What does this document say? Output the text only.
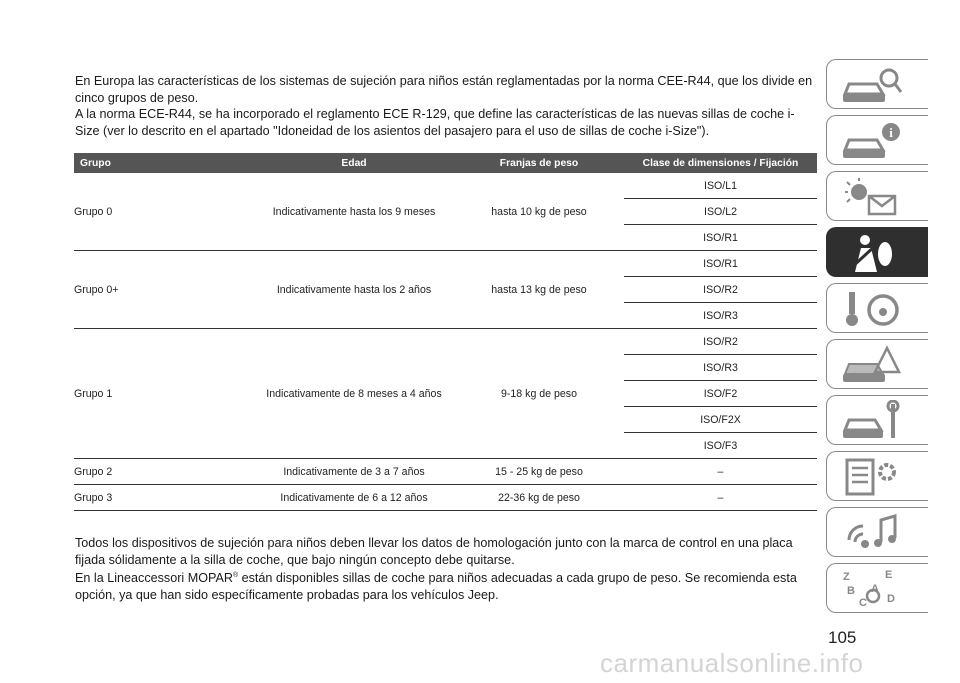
En Europa las características de los sistemas de sujeción para niños están reglamentadas por la norma CEE-R44, que los divide en cinco grupos de peso.

A la norma ECE-R44, se ha incorporado el reglamento ECE R-129, que define las características de las nuevas sillas de coche i-Size (ver lo descrito en el apartado "Idoneidad de los asientos del pasajero para el uso de sillas de coche i-Size").

Grupo	Edad	Franjas de peso	Clase de dimensiones / Fijación
Grupo 0	Indicativamente hasta los 9 meses	hasta 10 kg de peso	ISO/L1
			ISO/L2
			ISO/R1
Grupo 0+	Indicativamente hasta los 2 años	hasta 13 kg de peso	ISO/R1
			ISO/R2
			ISO/R3
Grupo 1	Indicativamente de 8 meses a 4 años	9-18 kg de peso	ISO/R2
			ISO/R3
			ISO/F2
			ISO/F2X
			ISO/F3
Grupo 2	Indicativamente de 3 a 7 años	15 - 25 kg de peso	–
Grupo 3	Indicativamente de 6 a 12 años	22-36 kg de peso	–

Todos los dispositivos de sujeción para niños deben llevar los datos de homologación junto con la marca de control en una placa fijada sólidamente a la silla de coche, que bajo ningún concepto debe quitarse.

En la Lineaccessori MOPAR® están disponibles sillas de coche para niños adecuadas a cada grupo de peso. Se recomienda esta opción, ya que han sido específicamente probadas para los vehículos Jeep.

i
Z	E
B A
C D
105
carmanualsonline.info
